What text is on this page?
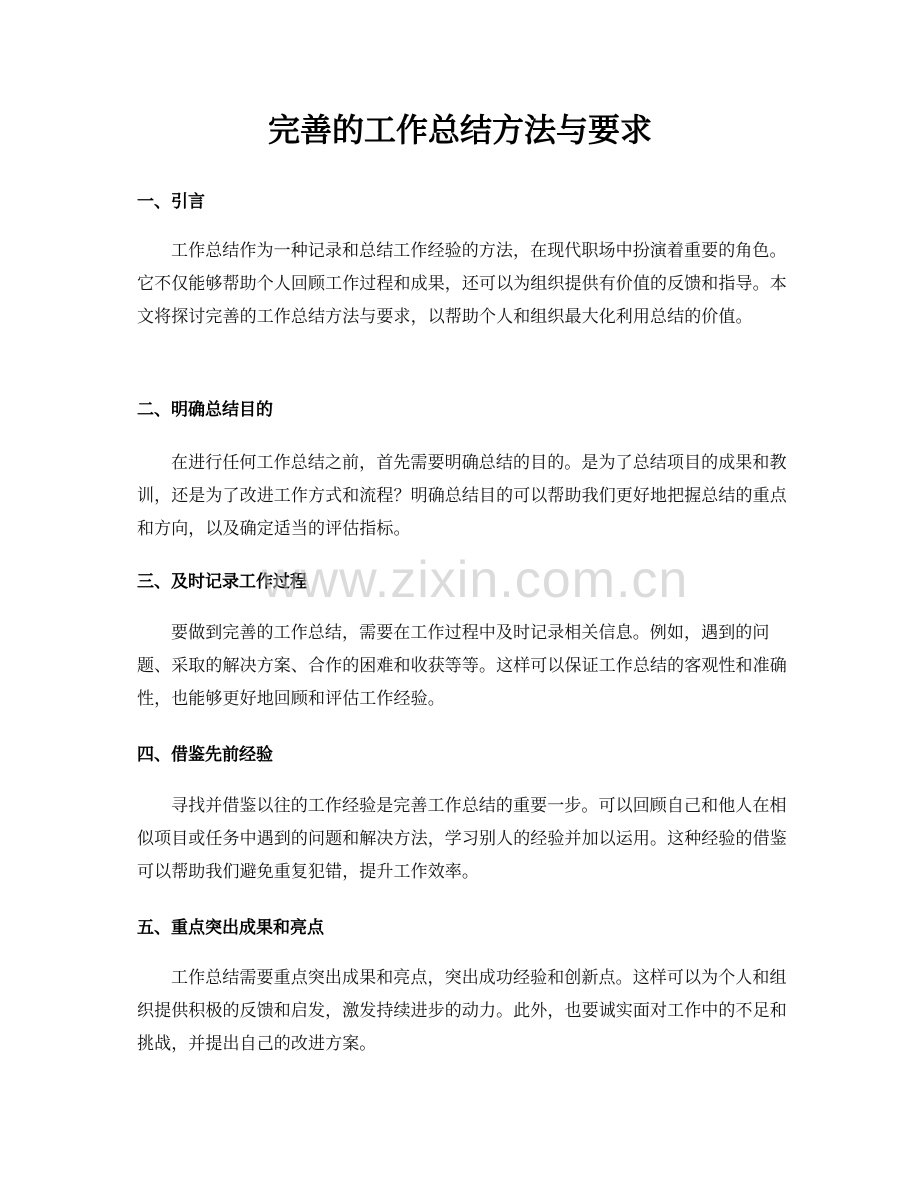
完善的工作总结方法与要求
一、引言

工作总结作为一种记录和总结工作经验的方法，在现代职场中扮演着重要的角色。它不仅能够帮助个人回顾工作过程和成果，还可以为组织提供有价值的反馈和指导。本文将探讨完善的工作总结方法与要求，以帮助个人和组织最大化利用总结的价值。

二、明确总结目的

在进行任何工作总结之前，首先需要明确总结的目的。是为了总结项目的成果和教训，还是为了改进工作方式和流程？明确总结目的可以帮助我们更好地把握总结的重点和方向，以及确定适当的评估指标。

三、及时记录工作过程

要做到完善的工作总结，需要在工作过程中及时记录相关信息。例如，遇到的问题、采取的解决方案、合作的困难和收获等等。这样可以保证工作总结的客观性和准确性，也能够更好地回顾和评估工作经验。

四、借鉴先前经验

寻找并借鉴以往的工作经验是完善工作总结的重要一步。可以回顾自己和他人在相似项目或任务中遇到的问题和解决方法，学习别人的经验并加以运用。这种经验的借鉴可以帮助我们避免重复犯错，提升工作效率。

五、重点突出成果和亮点

工作总结需要重点突出成果和亮点，突出成功经验和创新点。这样可以为个人和组织提供积极的反馈和启发，激发持续进步的动力。此外，也要诚实面对工作中的不足和挑战，并提出自己的改进方案。

www.zixin.com.cn
